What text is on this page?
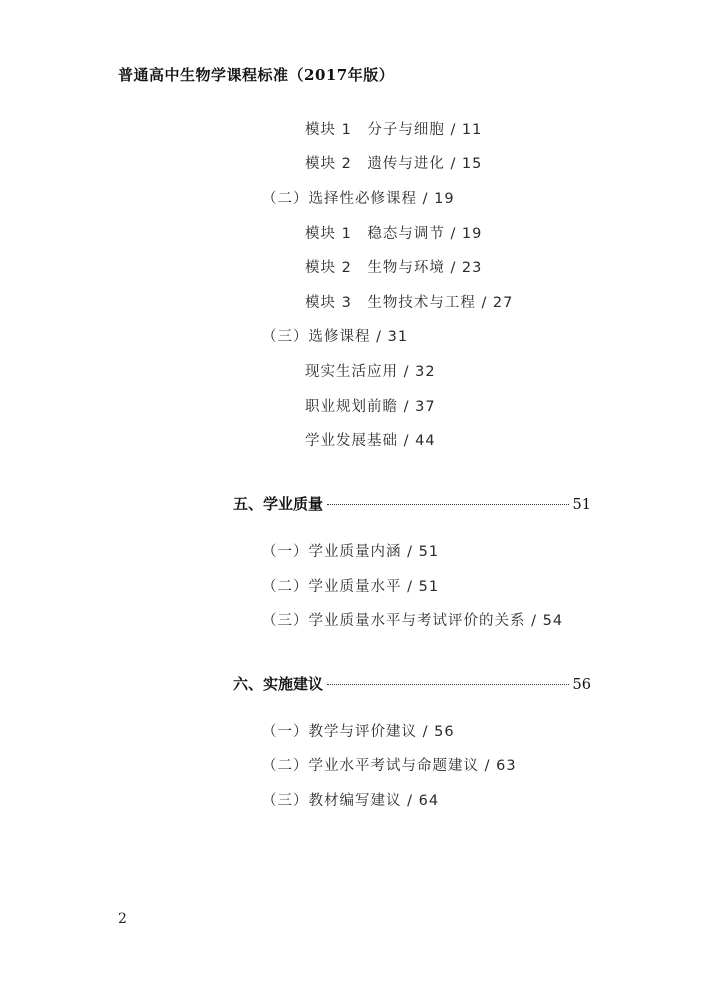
普通高中生物学课程标准（2017年版）
模块 1　分子与细胞 / 11
模块 2　遗传与进化 / 15
（二）选择性必修课程 / 19
模块 1　稳态与调节 / 19
模块 2　生物与环境 / 23
模块 3　生物技术与工程 / 27
（三）选修课程 / 31
现实生活应用 / 32
职业规划前瞻 / 37
学业发展基础 / 44
五、学业质量	51
（一）学业质量内涵 / 51
（二）学业质量水平 / 51
（三）学业质量水平与考试评价的关系 / 54
六、实施建议	56
（一）教学与评价建议 / 56
（二）学业水平考试与命题建议 / 63
（三）教材编写建议 / 64
2
